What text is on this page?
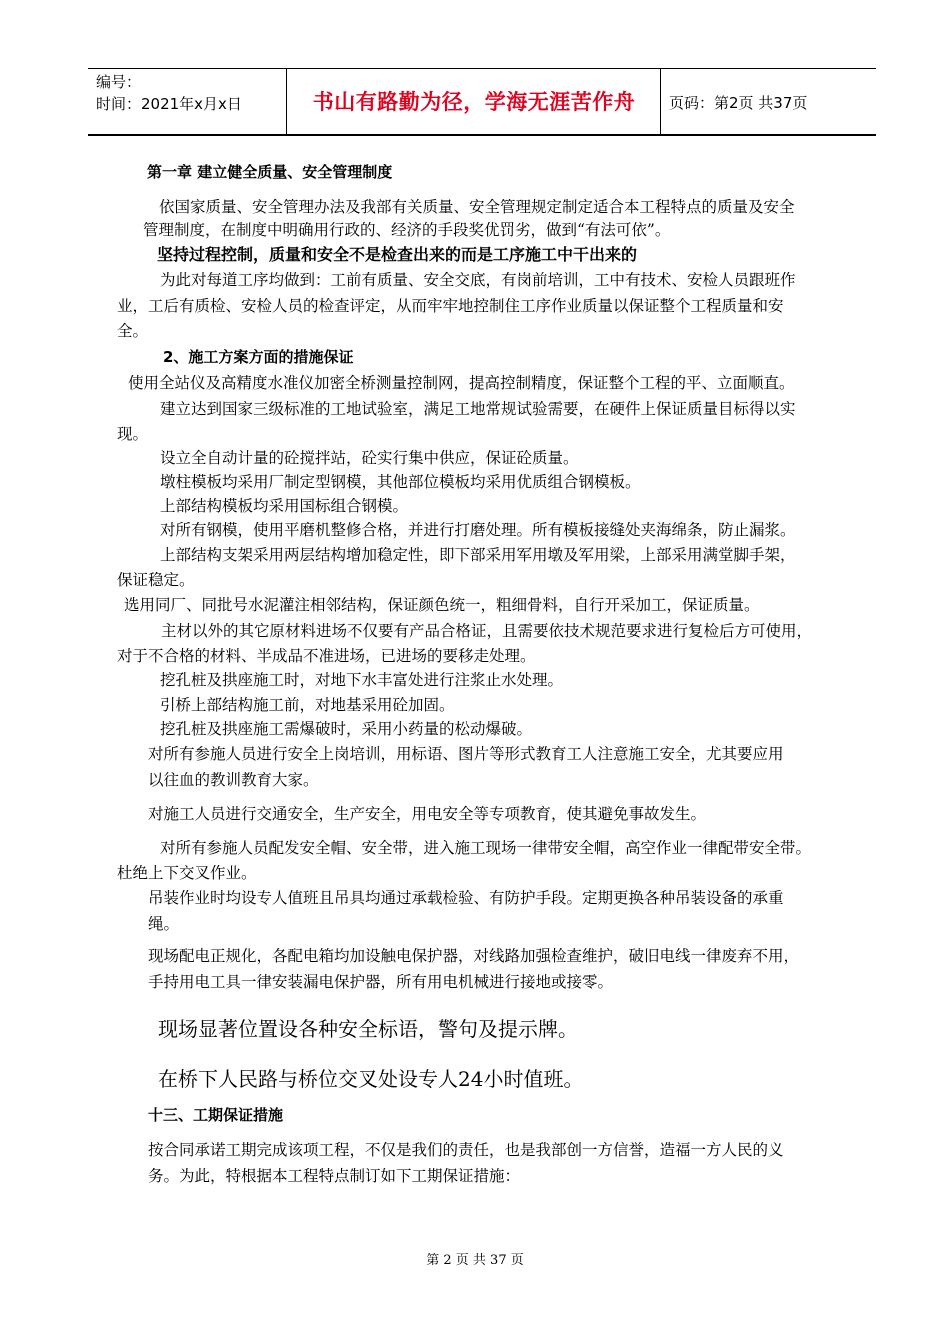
编号：
时间：2021年x月x日	书山有路勤为径，学海无涯苦作舟	页码：第2页 共37页
第一章 建立健全质量、安全管理制度
依国家质量、安全管理办法及我部有关质量、安全管理规定制定适合本工程特点的质量及安全
管理制度，在制度中明确用行政的、经济的手段奖优罚劣，做到“有法可依”。
坚持过程控制，质量和安全不是检查出来的而是工序施工中干出来的
为此对每道工序均做到：工前有质量、安全交底，有岗前培训，工中有技术、安检人员跟班作
业，工后有质检、安检人员的检查评定，从而牢牢地控制住工序作业质量以保证整个工程质量和安
全。
2、施工方案方面的措施保证
使用全站仪及高精度水准仪加密全桥测量控制网，提高控制精度，保证整个工程的平、立面顺直。
建立达到国家三级标准的工地试验室，满足工地常规试验需要，在硬件上保证质量目标得以实
现。
设立全自动计量的砼搅拌站，砼实行集中供应，保证砼质量。
墩柱模板均采用厂制定型钢模，其他部位模板均采用优质组合钢模板。
上部结构模板均采用国标组合钢模。
对所有钢模，使用平磨机整修合格，并进行打磨处理。所有模板接缝处夹海绵条，防止漏浆。
上部结构支架采用两层结构增加稳定性，即下部采用军用墩及军用梁，上部采用满堂脚手架，
保证稳定。
选用同厂、同批号水泥灌注相邻结构，保证颜色统一，粗细骨料，自行开采加工，保证质量。
主材以外的其它原材料进场不仅要有产品合格证，且需要依技术规范要求进行复检后方可使用，
对于不合格的材料、半成品不准进场，已进场的要移走处理。
挖孔桩及拱座施工时，对地下水丰富处进行注浆止水处理。
引桥上部结构施工前，对地基采用砼加固。
挖孔桩及拱座施工需爆破时，采用小药量的松动爆破。
对所有参施人员进行安全上岗培训，用标语、图片等形式教育工人注意施工安全，尤其要应用
以往血的教训教育大家。
对施工人员进行交通安全，生产安全，用电安全等专项教育，使其避免事故发生。
对所有参施人员配发安全帽、安全带，进入施工现场一律带安全帽，高空作业一律配带安全带。
杜绝上下交叉作业。
吊装作业时均设专人值班且吊具均通过承载检验、有防护手段。定期更换各种吊装设备的承重
绳。
现场配电正规化，各配电箱均加设触电保护器，对线路加强检查维护，破旧电线一律废弃不用，
手持用电工具一律安装漏电保护器，所有用电机械进行接地或接零。
现场显著位置设各种安全标语，警句及提示牌。
在桥下人民路与桥位交叉处设专人24小时值班。
十三、工期保证措施
按合同承诺工期完成该项工程，不仅是我们的责任，也是我部创一方信誉，造福一方人民的义
务。为此，特根据本工程特点制订如下工期保证措施：
第 2 页 共 37 页
